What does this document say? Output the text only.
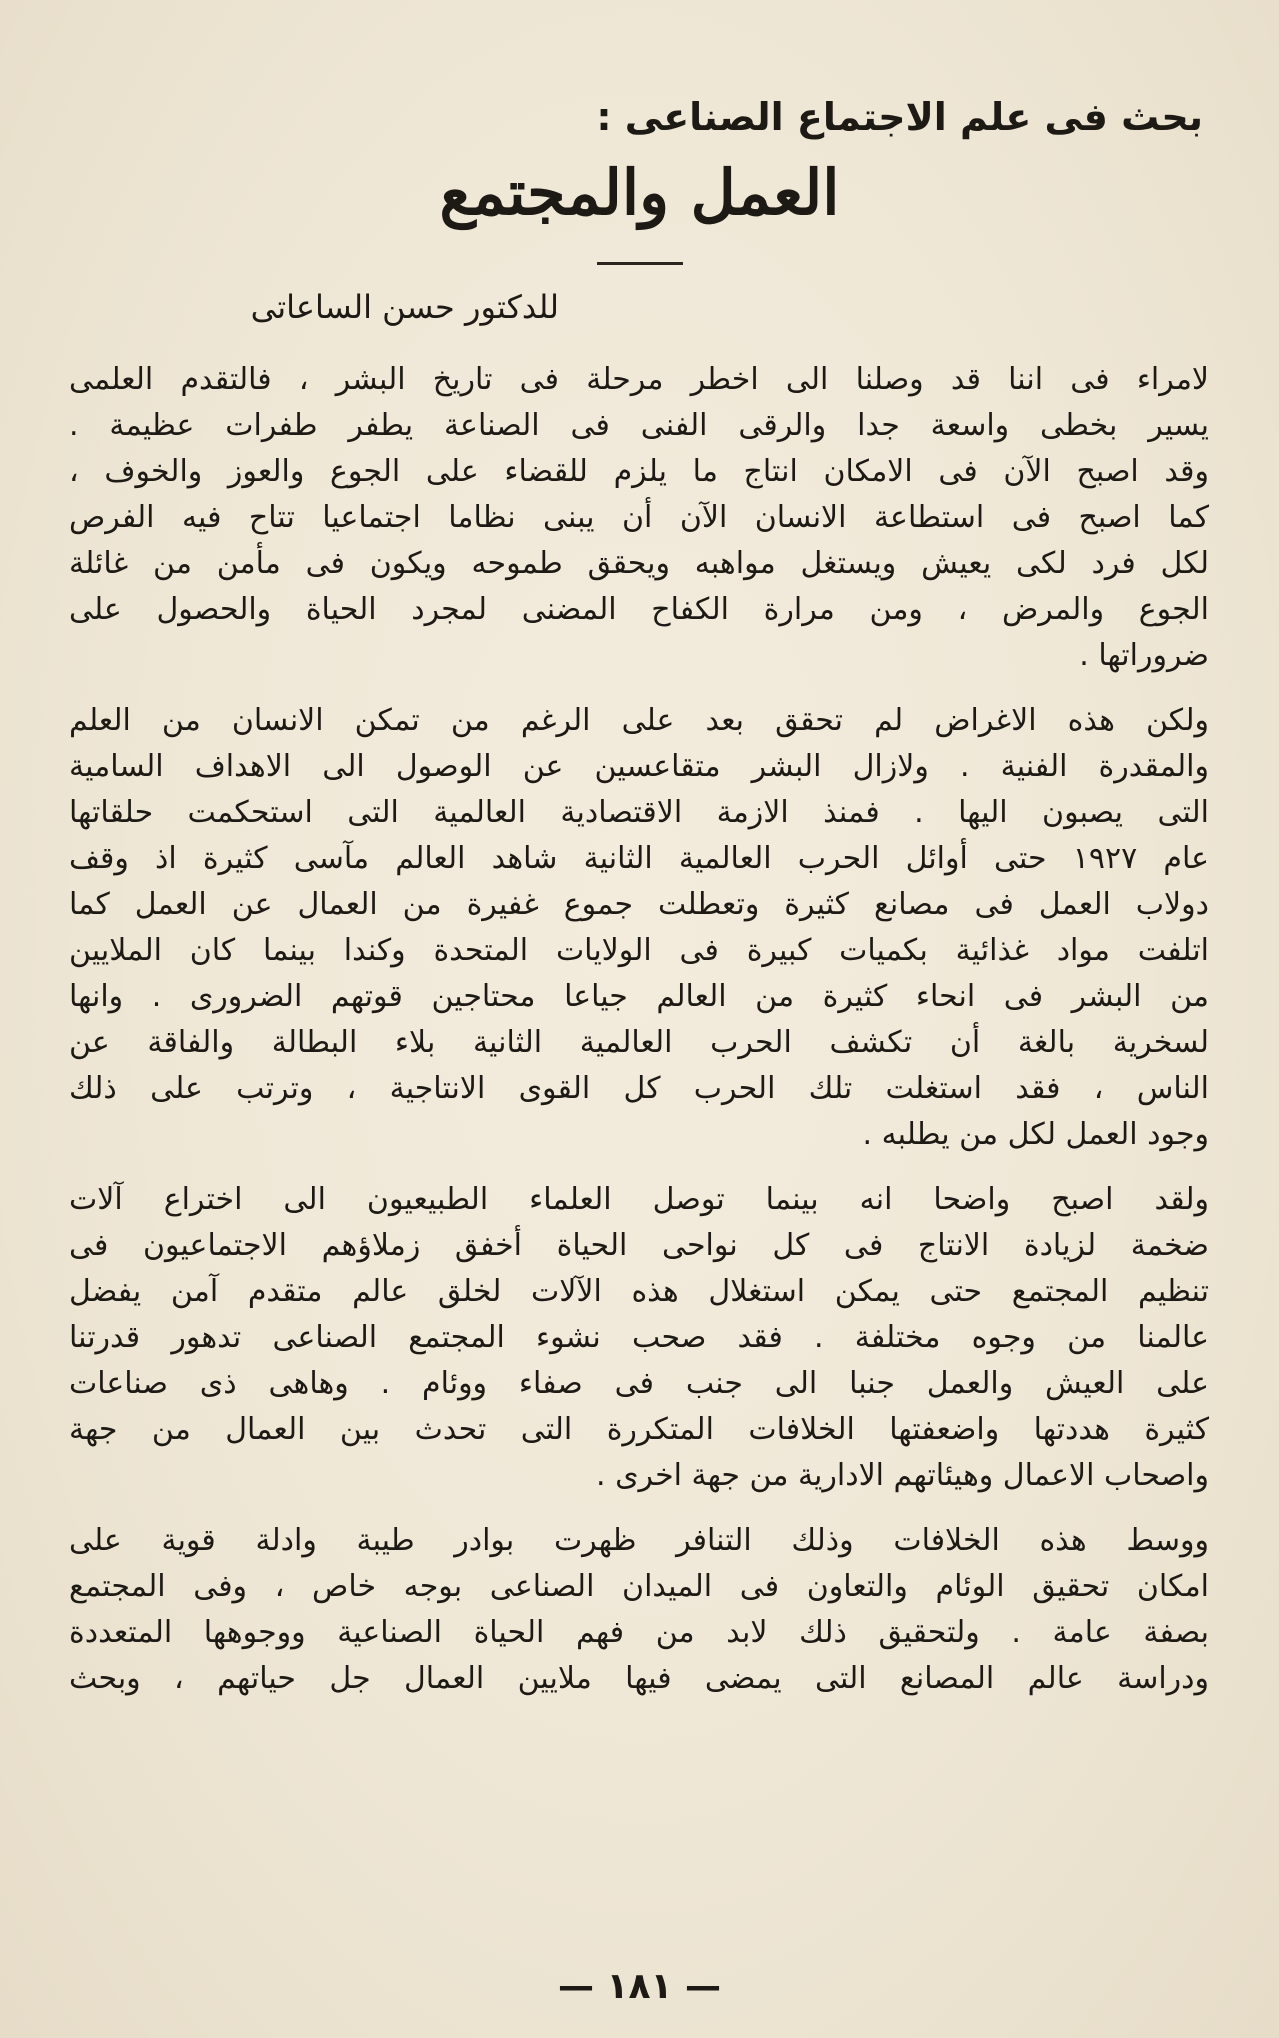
بحث فى علم الاجتماع الصناعى :
العمل والمجتمع
للدكتور حسن الساعاتى
لامراء فى اننا قد وصلنا الى اخطر مرحلة فى تاريخ البشر ، فالتقدم العلمى
يسير بخطى واسعة جدا والرقى الفنى فى الصناعة يطفر طفرات عظيمة .
وقد اصبح الآن فى الامكان انتاج ما يلزم للقضاء على الجوع والعوز والخوف ،
كما اصبح فى استطاعة الانسان الآن أن يبنى نظاما اجتماعيا تتاح فيه الفرص
لكل فرد لكى يعيش ويستغل مواهبه ويحقق طموحه ويكون فى مأمن من غائلة
الجوع والمرض ، ومن مرارة الكفاح المضنى لمجرد الحياة والحصول على
ضروراتها .
ولكن هذه الاغراض لم تحقق بعد على الرغم من تمكن الانسان من العلم
والمقدرة الفنية . ولازال البشر متقاعسين عن الوصول الى الاهداف السامية
التى يصبون اليها . فمنذ الازمة الاقتصادية العالمية التى استحكمت حلقاتها
عام ١٩٢٧ حتى أوائل الحرب العالمية الثانية شاهد العالم مآسى كثيرة اذ وقف
دولاب العمل فى مصانع كثيرة وتعطلت جموع غفيرة من العمال عن العمل كما
اتلفت مواد غذائية بكميات كبيرة فى الولايات المتحدة وكندا بينما كان الملايين
من البشر فى انحاء كثيرة من العالم جياعا محتاجين قوتهم الضرورى . وانها
لسخرية بالغة أن تكشف الحرب العالمية الثانية بلاء البطالة والفاقة عن
الناس ، فقد استغلت تلك الحرب كل القوى الانتاجية ، وترتب على ذلك
وجود العمل لكل من يطلبه .
ولقد اصبح واضحا انه بينما توصل العلماء الطبيعيون الى اختراع آلات
ضخمة لزيادة الانتاج فى كل نواحى الحياة أخفق زملاؤهم الاجتماعيون فى
تنظيم المجتمع حتى يمكن استغلال هذه الآلات لخلق عالم متقدم آمن يفضل
عالمنا من وجوه مختلفة . فقد صحب نشوء المجتمع الصناعى تدهور قدرتنا
على العيش والعمل جنبا الى جنب فى صفاء ووئام . وهاهى ذى صناعات
كثيرة هددتها واضعفتها الخلافات المتكررة التى تحدث بين العمال من جهة
واصحاب الاعمال وهيئاتهم الادارية من جهة اخرى .
ووسط هذه الخلافات وذلك التنافر ظهرت بوادر طيبة وادلة قوية على
امكان تحقيق الوئام والتعاون فى الميدان الصناعى بوجه خاص ، وفى المجتمع
بصفة عامة . ولتحقيق ذلك لابد من فهم الحياة الصناعية ووجوهها المتعددة
ودراسة عالم المصانع التى يمضى فيها ملايين العمال جل حياتهم ، وبحث
— ١٨١ —
